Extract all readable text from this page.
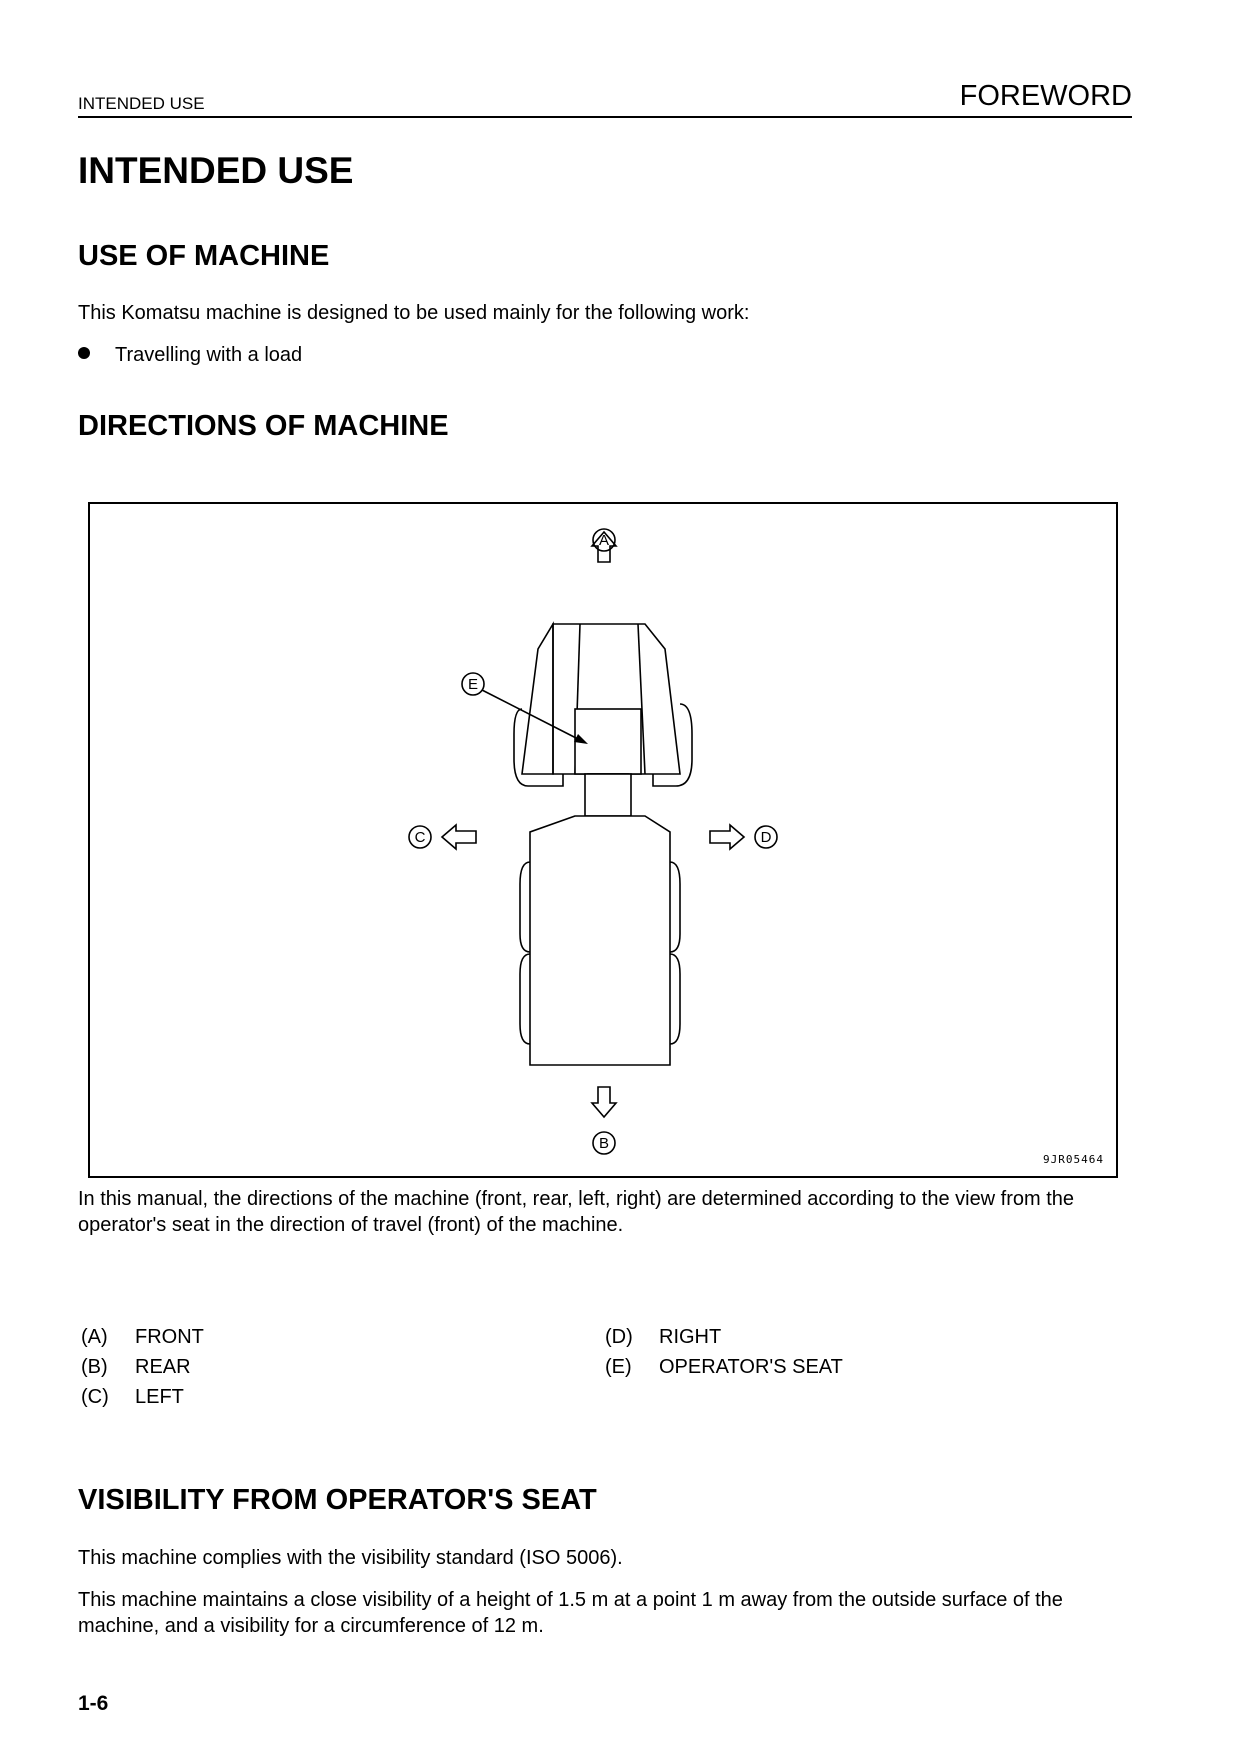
INTENDED USE	FOREWORD
INTENDED USE
USE OF MACHINE
This Komatsu machine is designed to be used mainly for the following work:
Travelling with a load
DIRECTIONS OF MACHINE
A
B
C	D
E
9JR05464
In this manual, the directions of the machine (front, rear, left, right) are determined according to the view from the operator's seat in the direction of travel (front) of the machine.
(A) FRONT
(B) REAR
(C) LEFT
(D) RIGHT
(E) OPERATOR'S SEAT
VISIBILITY FROM OPERATOR'S SEAT
This machine complies with the visibility standard (ISO 5006).
This machine maintains a close visibility of a height of 1.5 m at a point 1 m away from the outside surface of the machine, and a visibility for a circumference of 12 m.
1-6
